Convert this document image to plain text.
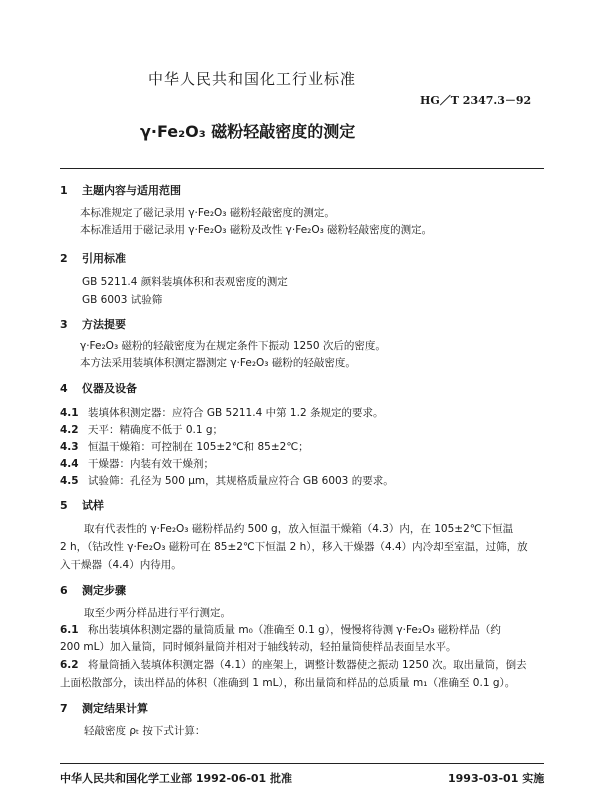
中华人民共和国化工行业标准
HG／T 2347.3－92
γ·Fe₂O₃ 磁粉轻敲密度的测定
1 主题内容与适用范围
本标准规定了磁记录用 γ·Fe₂O₃ 磁粉轻敲密度的测定。
本标准适用于磁记录用 γ·Fe₂O₃ 磁粉及改性 γ·Fe₂O₃ 磁粉轻敲密度的测定。
2 引用标准
GB 5211.4 颜料装填体积和表观密度的测定
GB 6003 试验筛
3 方法提要
γ·Fe₂O₃ 磁粉的轻敲密度为在规定条件下振动 1250 次后的密度。
本方法采用装填体积测定器测定 γ·Fe₂O₃ 磁粉的轻敲密度。
4 仪器及设备
4.1 装填体积测定器：应符合 GB 5211.4 中第 1.2 条规定的要求。
4.2 天平：精确度不低于 0.1 g；
4.3 恒温干燥箱：可控制在 105±2℃和 85±2℃；
4.4 干燥器：内装有效干燥剂；
4.5 试验筛：孔径为 500 μm，其规格质量应符合 GB 6003 的要求。
5 试样
取有代表性的 γ·Fe₂O₃ 磁粉样品约 500 g，放入恒温干燥箱（4.3）内，在 105±2℃下恒温
2 h，（钴改性 γ·Fe₂O₃ 磁粉可在 85±2℃下恒温 2 h），移入干燥器（4.4）内冷却至室温，过筛，放
入干燥器（4.4）内待用。
6 测定步骤
取至少两分样品进行平行测定。
6.1 称出装填体积测定器的量筒质量 m₀（准确至 0.1 g），慢慢将待测 γ·Fe₂O₃ 磁粉样品（约
200 mL）加入量筒，同时倾斜量筒并相对于轴线转动，轻拍量筒使样品表面呈水平。
6.2 将量筒插入装填体积测定器（4.1）的座架上，调整计数器使之振动 1250 次。取出量筒，倒去
上面松散部分，读出样品的体积（准确到 1 mL），称出量筒和样品的总质量 m₁（准确至 0.1 g）。
7 测定结果计算
轻敲密度 ρₜ 按下式计算：
中华人民共和国化学工业部 1992-06-01 批准	1993-03-01 实施
